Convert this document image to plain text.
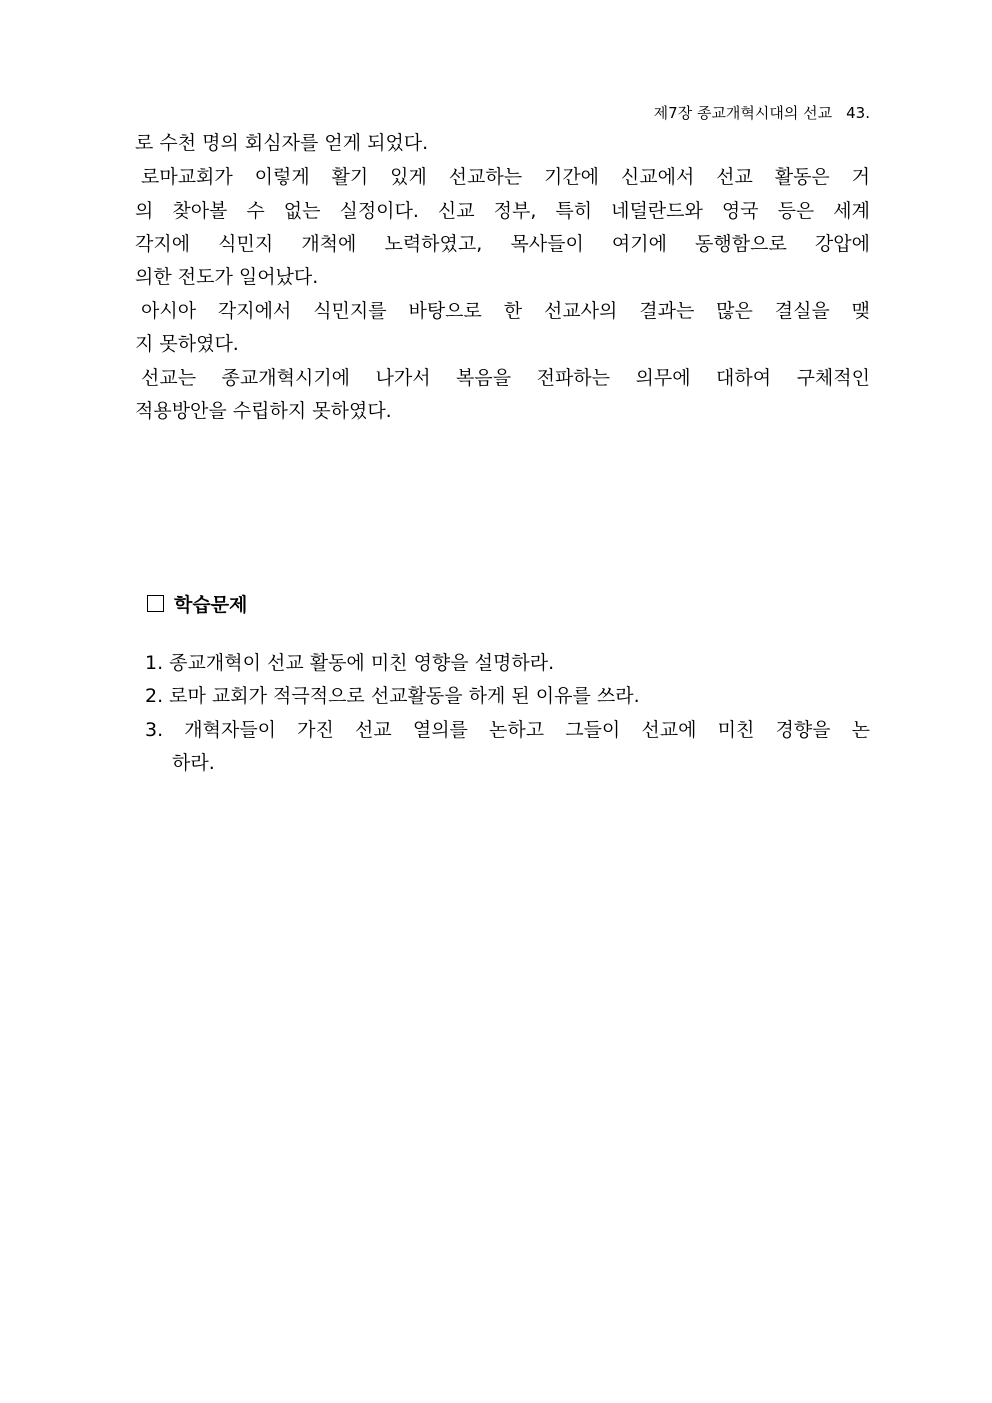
제7장 종교개혁시대의 선교 43.
로 수천 명의 회심자를 얻게 되었다.
로마교회가 이렇게 활기 있게 선교하는 기간에 신교에서 선교 활동은 거
의 찾아볼 수 없는 실정이다. 신교 정부, 특히 네덜란드와 영국 등은 세계
각지에 식민지 개척에 노력하였고, 목사들이 여기에 동행함으로 강압에
의한 전도가 일어났다.
아시아 각지에서 식민지를 바탕으로 한 선교사의 결과는 많은 결실을 맺
지 못하였다.
선교는 종교개혁시기에 나가서 복음을 전파하는 의무에 대하여 구체적인
적용방안을 수립하지 못하였다.
학습문제
1. 종교개혁이 선교 활동에 미친 영향을 설명하라.
2. 로마 교회가 적극적으로 선교활동을 하게 된 이유를 쓰라.
3. 개혁자들이 가진 선교 열의를 논하고 그들이 선교에 미친 경향을 논
하라.
